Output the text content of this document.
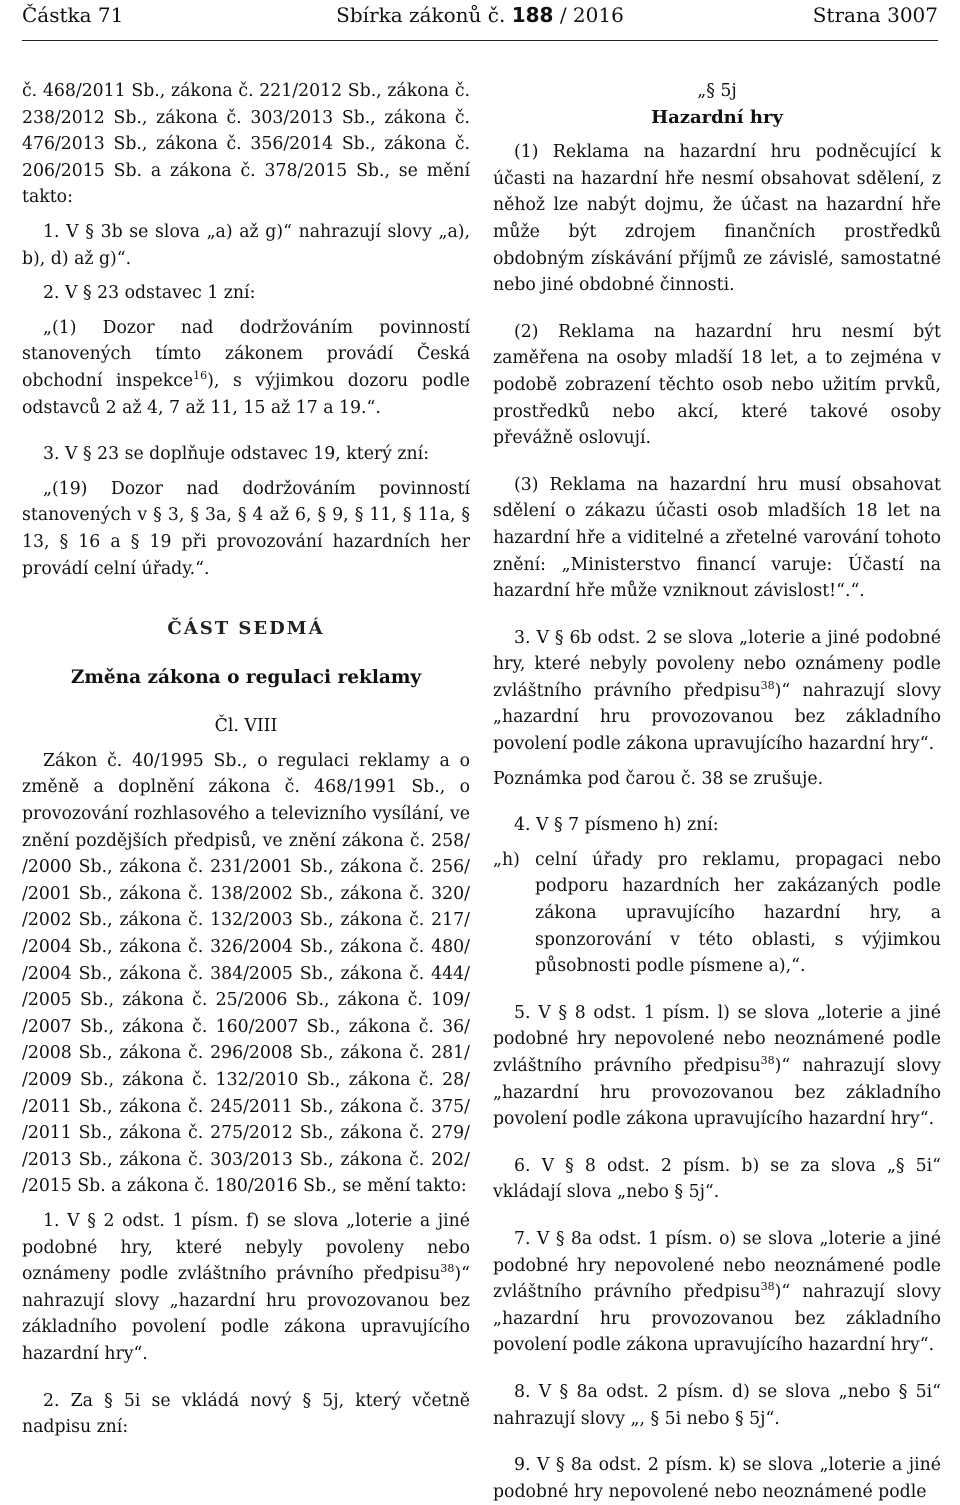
Částka 71	Sbírka zákonů č. 188 / 2016	Strana 3007

č. 468/2011 Sb., zákona č. 221/2012 Sb., zákona č. 238/2012 Sb., zákona č. 303/2013 Sb., zákona č. 476/2013 Sb., zákona č. 356/2014 Sb., zákona č. 206/2015 Sb. a zákona č. 378/2015 Sb., se mění takto:

1. V § 3b se slova „a) až g)“ nahrazují slovy „a), b), d) až g)“.

2. V § 23 odstavec 1 zní:

„(1) Dozor nad dodržováním povinností stanovených tímto zákonem provádí Česká obchodní inspekce$^{16}$), s výjimkou dozoru podle odstavců 2 až 4, 7 až 11, 15 až 17 a 19.“.

3. V § 23 se doplňuje odstavec 19, který zní:

„(19) Dozor nad dodržováním povinností stanovených v § 3, § 3a, § 4 až 6, § 9, § 11, § 11a, § 13, § 16 a § 19 při provozování hazardních her provádí celní úřady.“.

ČÁST SEDMÁ
Změna zákona o regulaci reklamy
Čl. VIII

Zákon č. 40/1995 Sb., o regulaci reklamy a o změně a doplnění zákona č. 468/1991 Sb., o provozování rozhlasového a televizního vysílání, ve znění pozdějších předpisů, ve znění zákona č. 258/ /2000 Sb., zákona č. 231/2001 Sb., zákona č. 256/ /2001 Sb., zákona č. 138/2002 Sb., zákona č. 320/ /2002 Sb., zákona č. 132/2003 Sb., zákona č. 217/ /2004 Sb., zákona č. 326/2004 Sb., zákona č. 480/ /2004 Sb., zákona č. 384/2005 Sb., zákona č. 444/ /2005 Sb., zákona č. 25/2006 Sb., zákona č. 109/ /2007 Sb., zákona č. 160/2007 Sb., zákona č. 36/ /2008 Sb., zákona č. 296/2008 Sb., zákona č. 281/ /2009 Sb., zákona č. 132/2010 Sb., zákona č. 28/ /2011 Sb., zákona č. 245/2011 Sb., zákona č. 375/ /2011 Sb., zákona č. 275/2012 Sb., zákona č. 279/ /2013 Sb., zákona č. 303/2013 Sb., zákona č. 202/ /2015 Sb. a zákona č. 180/2016 Sb., se mění takto:

1. V § 2 odst. 1 písm. f) se slova „loterie a jiné podobné hry, které nebyly povoleny nebo oznámeny podle zvláštního právního předpisu$^{38}$)“ nahrazují slovy „hazardní hru provozovanou bez základního povolení podle zákona upravujícího hazardní hry“.

2. Za § 5i se vkládá nový § 5j, který včetně nadpisu zní:

„§ 5j
Hazardní hry

(1) Reklama na hazardní hru podněcující k účasti na hazardní hře nesmí obsahovat sdělení, z něhož lze nabýt dojmu, že účast na hazardní hře může být zdrojem finančních prostředků obdobným získávání příjmů ze závislé, samostatné nebo jiné obdobné činnosti.

(2) Reklama na hazardní hru nesmí být zaměřena na osoby mladší 18 let, a to zejména v podobě zobrazení těchto osob nebo užitím prvků, prostředků nebo akcí, které takové osoby převážně oslovují.

(3) Reklama na hazardní hru musí obsahovat sdělení o zákazu účasti osob mladších 18 let na hazardní hře a viditelné a zřetelné varování tohoto znění: „Ministerstvo financí varuje: Účastí na hazardní hře může vzniknout závislost!“.“.

3. V § 6b odst. 2 se slova „loterie a jiné podobné hry, které nebyly povoleny nebo oznámeny podle zvláštního právního předpisu$^{38}$)“ nahrazují slovy „hazardní hru provozovanou bez základního povolení podle zákona upravujícího hazardní hry“.

Poznámka pod čarou č. 38 se zrušuje.

4. V § 7 písmeno h) zní:

„h) celní úřady pro reklamu, propagaci nebo podporu hazardních her zakázaných podle zákona upravujícího hazardní hry, a sponzorování v této oblasti, s výjimkou působnosti podle písmene a),“.

5. V § 8 odst. 1 písm. l) se slova „loterie a jiné podobné hry nepovolené nebo neoznámené podle zvláštního právního předpisu$^{38}$)“ nahrazují slovy „hazardní hru provozovanou bez základního povolení podle zákona upravujícího hazardní hry“.

6. V § 8 odst. 2 písm. b) se za slova „§ 5i“ vkládají slova „nebo § 5j“.

7. V § 8a odst. 1 písm. o) se slova „loterie a jiné podobné hry nepovolené nebo neoznámené podle zvláštního právního předpisu$^{38}$)“ nahrazují slovy „hazardní hru provozovanou bez základního povolení podle zákona upravujícího hazardní hry“.

8. V § 8a odst. 2 písm. d) se slova „nebo § 5i“ nahrazují slovy „, § 5i nebo § 5j“.

9. V § 8a odst. 2 písm. k) se slova „loterie a jiné podobné hry nepovolené nebo neoznámené podle
